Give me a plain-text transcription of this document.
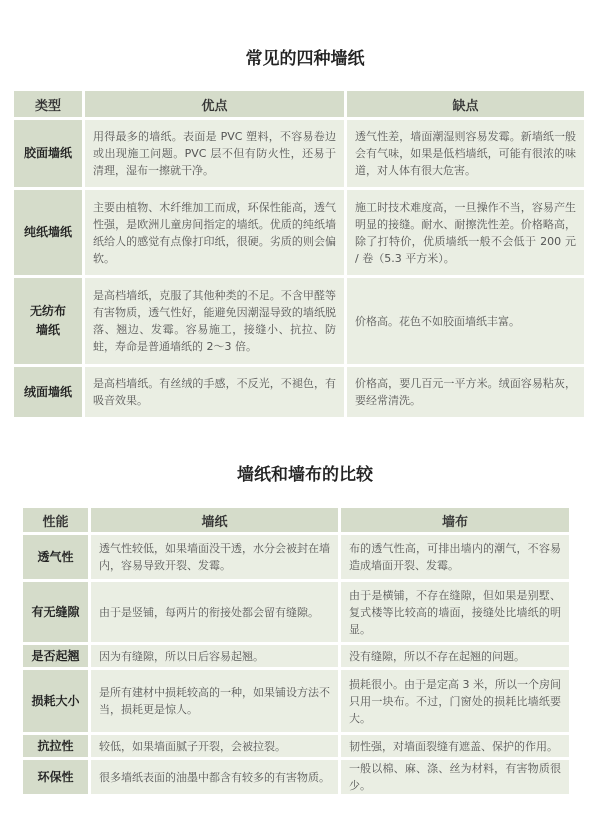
常见的四种墙纸
类型	优点	缺点
胶面墙纸	用得最多的墙纸。表面是 PVC 塑料，不容易卷边或出现施工问题。PVC 层不但有防火性，还易于清理，湿布一擦就干净。	透气性差，墙面潮湿则容易发霉。新墙纸一般会有气味，如果是低档墙纸，可能有很浓的味道，对人体有很大危害。
纯纸墙纸	主要由植物、木纤维加工而成，环保性能高，透气性强，是欧洲儿童房间指定的墙纸。优质的纯纸墙纸给人的感觉有点像打印纸，很硬。劣质的则会偏软。	施工时技术难度高，一旦操作不当，容易产生明显的接缝。耐水、耐擦洗性差。价格略高，除了打特价，优质墙纸一般不会低于 200 元 / 卷（5.3 平方米）。
无纺布墙纸	是高档墙纸，克服了其他种类的不足。不含甲醛等有害物质，透气性好，能避免因潮湿导致的墙纸脱落、翘边、发霉。容易施工，接缝小、抗拉、防蛀，寿命是普通墙纸的 2～3 倍。	价格高。花色不如胶面墙纸丰富。
绒面墙纸	是高档墙纸。有丝绒的手感，不反光，不褪色，有吸音效果。	价格高，要几百元一平方米。绒面容易粘灰，要经常清洗。
墙纸和墙布的比较
性能	墙纸	墙布
透气性	透气性较低，如果墙面没干透，水分会被封在墙内，容易导致开裂、发霉。	布的透气性高，可排出墙内的潮气，不容易造成墙面开裂、发霉。
有无缝隙	由于是竖铺，每两片的衔接处都会留有缝隙。	由于是横铺，不存在缝隙，但如果是别墅、复式楼等比较高的墙面，接缝处比墙纸的明显。
是否起翘	因为有缝隙，所以日后容易起翘。	没有缝隙，所以不存在起翘的问题。
损耗大小	是所有建材中损耗较高的一种，如果铺设方法不当，损耗更是惊人。	损耗很小。由于是定高 3 米，所以一个房间只用一块布。不过，门窗处的损耗比墙纸要大。
抗拉性	较低，如果墙面腻子开裂，会被拉裂。	韧性强，对墙面裂缝有遮盖、保护的作用。
环保性	很多墙纸表面的油墨中都含有较多的有害物质。	一般以棉、麻、涤、丝为材料，有害物质很少。
